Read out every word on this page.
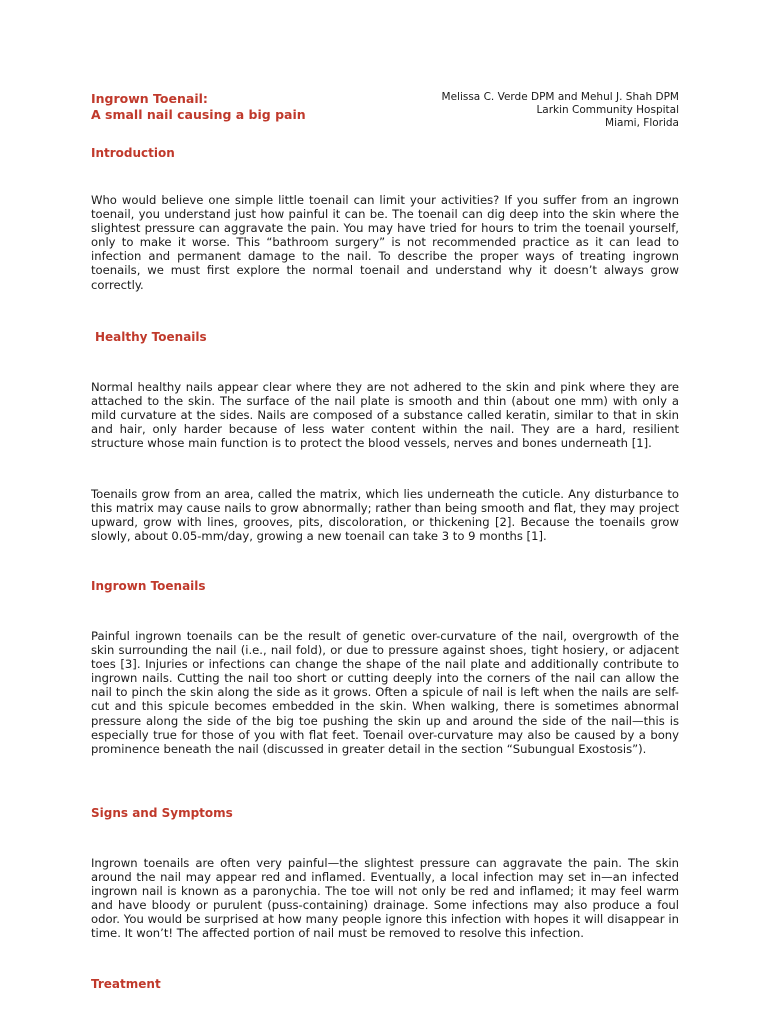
Ingrown Toenail:
A small nail causing a big pain
Melissa C. Verde DPM and Mehul J. Shah DPM
Larkin Community Hospital
Miami, Florida
Introduction

Who would believe one simple little toenail can limit your activities? If you suffer from an ingrown toenail, you understand just how painful it can be. The toenail can dig deep into the skin where the slightest pressure can aggravate the pain. You may have tried for hours to trim the toenail yourself, only to make it worse. This “bathroom surgery” is not recommended practice as it can lead to infection and permanent damage to the nail. To describe the proper ways of treating ingrown toenails, we must first explore the normal toenail and understand why it doesn’t always grow correctly.

Healthy Toenails

Normal healthy nails appear clear where they are not adhered to the skin and pink where they are attached to the skin. The surface of the nail plate is smooth and thin (about one mm) with only a mild curvature at the sides. Nails are composed of a substance called keratin, similar to that in skin and hair, only harder because of less water content within the nail. They are a hard, resilient structure whose main function is to protect the blood vessels, nerves and bones underneath [1].

Toenails grow from an area, called the matrix, which lies underneath the cuticle. Any disturbance to this matrix may cause nails to grow abnormally; rather than being smooth and flat, they may project upward, grow with lines, grooves, pits, discoloration, or thickening [2]. Because the toenails grow slowly, about 0.05-mm/day, growing a new toenail can take 3 to 9 months [1].

Ingrown Toenails

Painful ingrown toenails can be the result of genetic over-curvature of the nail, overgrowth of the skin surrounding the nail (i.e., nail fold), or due to pressure against shoes, tight hosiery, or adjacent toes [3]. Injuries or infections can change the shape of the nail plate and additionally contribute to ingrown nails. Cutting the nail too short or cutting deeply into the corners of the nail can allow the nail to pinch the skin along the side as it grows. Often a spicule of nail is left when the nails are self-cut and this spicule becomes embedded in the skin. When walking, there is sometimes abnormal pressure along the side of the big toe pushing the skin up and around the side of the nail—this is especially true for those of you with flat feet. Toenail over-curvature may also be caused by a bony prominence beneath the nail (discussed in greater detail in the section “Subungual Exostosis”).

Signs and Symptoms

Ingrown toenails are often very painful—the slightest pressure can aggravate the pain. The skin around the nail may appear red and inflamed. Eventually, a local infection may set in—an infected ingrown nail is known as a paronychia. The toe will not only be red and inflamed; it may feel warm and have bloody or purulent (puss-containing) drainage. Some infections may also produce a foul odor. You would be surprised at how many people ignore this infection with hopes it will disappear in time. It won’t! The affected portion of nail must be removed to resolve this infection.

Treatment
